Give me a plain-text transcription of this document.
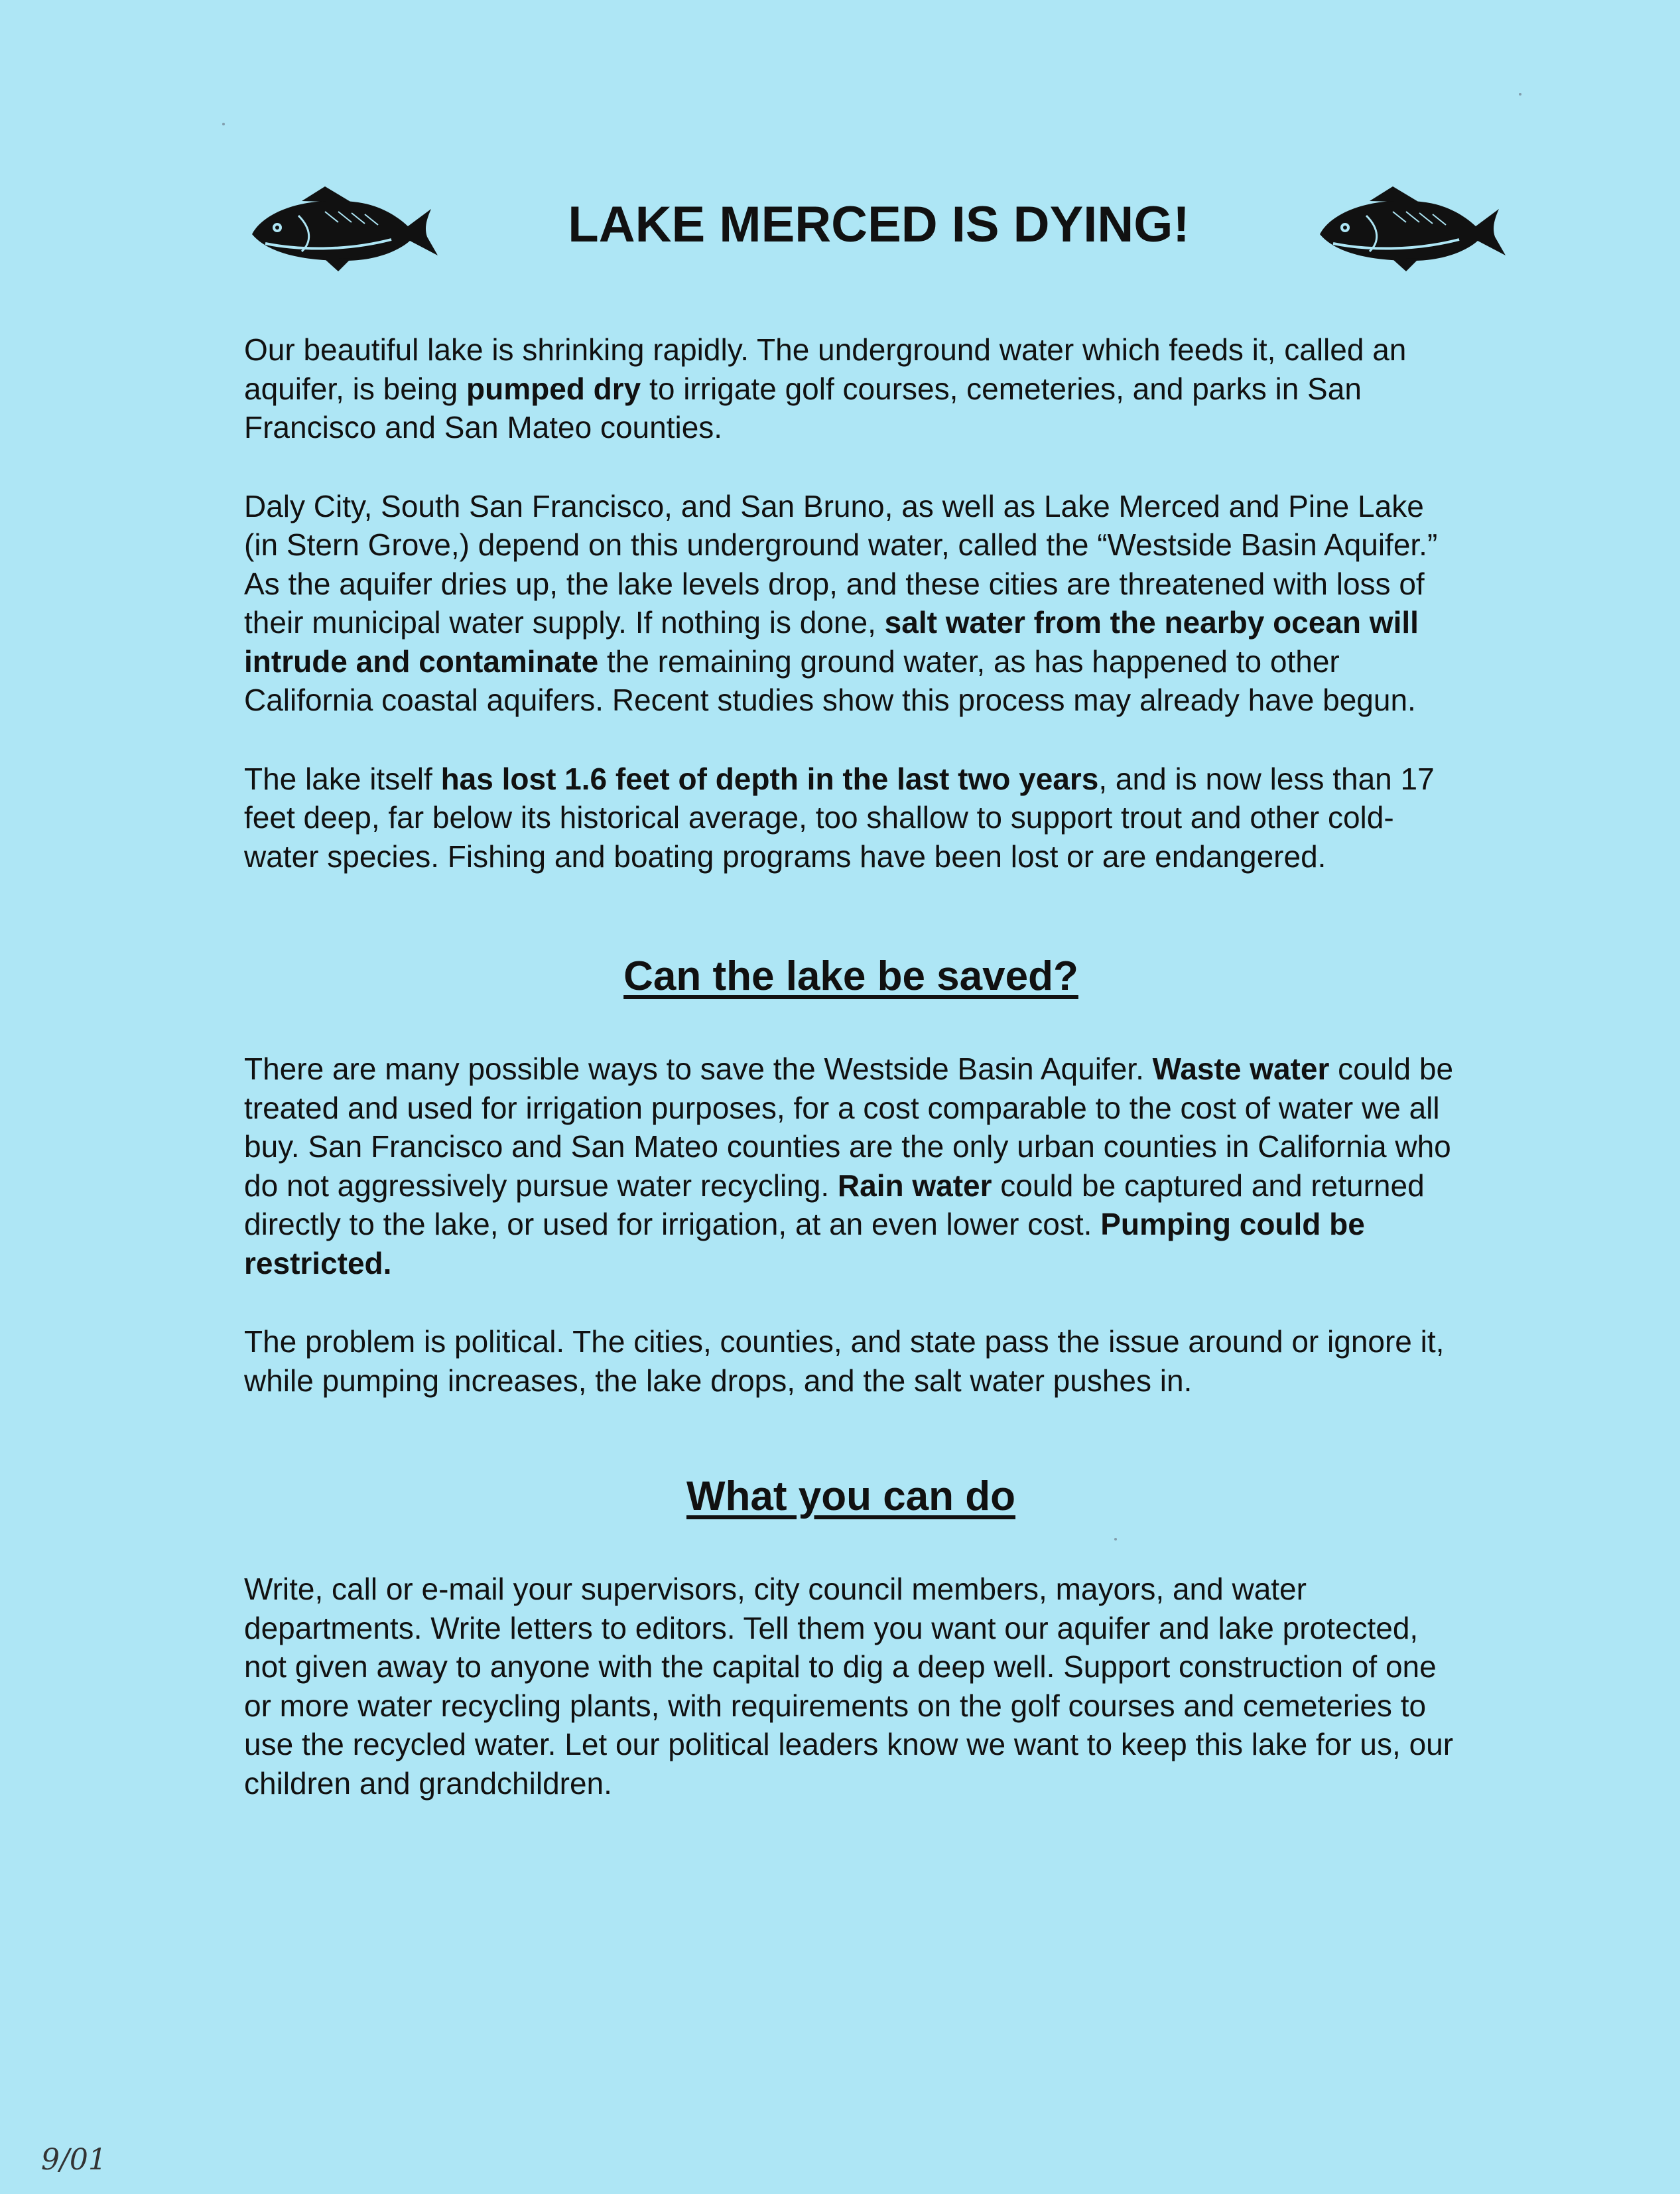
LAKE MERCED IS DYING!

Our beautiful lake is shrinking rapidly. The underground water which feeds it, called an aquifer, is being pumped dry to irrigate golf courses, cemeteries, and parks in San Francisco and San Mateo counties.

Daly City, South San Francisco, and San Bruno, as well as Lake Merced and Pine Lake (in Stern Grove,) depend on this underground water, called the “Westside Basin Aquifer.” As the aquifer dries up, the lake levels drop, and these cities are threatened with loss of their municipal water supply. If nothing is done, salt water from the nearby ocean will intrude and contaminate the remaining ground water, as has happened to other California coastal aquifers. Recent studies show this process may already have begun.

The lake itself has lost 1.6 feet of depth in the last two years, and is now less than 17 feet deep, far below its historical average, too shallow to support trout and other cold-water species. Fishing and boating programs have been lost or are endangered.

Can the lake be saved?

There are many possible ways to save the Westside Basin Aquifer. Waste water could be treated and used for irrigation purposes, for a cost comparable to the cost of water we all buy. San Francisco and San Mateo counties are the only urban counties in California who do not aggressively pursue water recycling. Rain water could be captured and returned directly to the lake, or used for irrigation, at an even lower cost. Pumping could be restricted.

The problem is political. The cities, counties, and state pass the issue around or ignore it, while pumping increases, the lake drops, and the salt water pushes in.

What you can do

Write, call or e-mail your supervisors, city council members, mayors, and water departments. Write letters to editors. Tell them you want our aquifer and lake protected, not given away to anyone with the capital to dig a deep well. Support construction of one or more water recycling plants, with requirements on the golf courses and cemeteries to use the recycled water. Let our political leaders know we want to keep this lake for us, our children and grandchildren.

9/01
